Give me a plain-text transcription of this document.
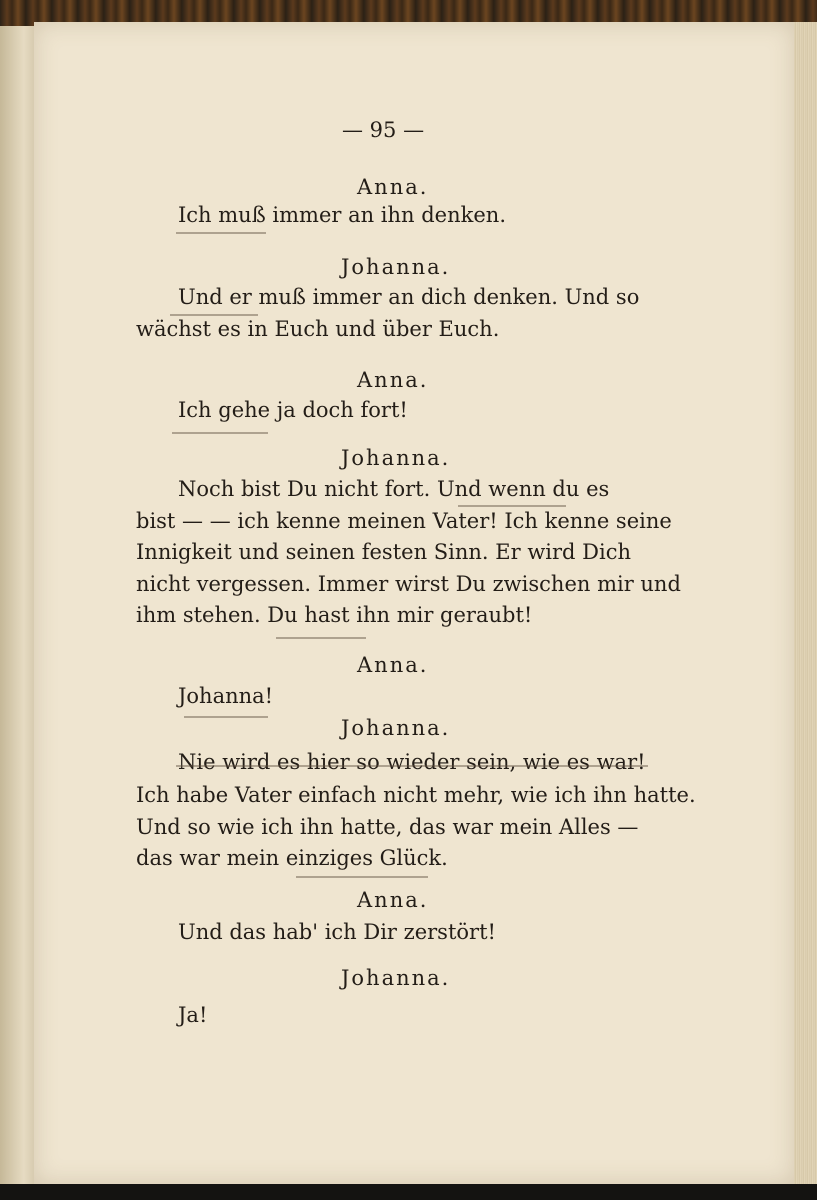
— 95 —
Anna.
Ich muß immer an ihn denken.
Johanna.
Und er muß immer an dich denken. Und so
wächst es in Euch und über Euch.
Anna.
Ich gehe ja doch fort!
Johanna.
Noch bist Du nicht fort. Und wenn du es
bist — — ich kenne meinen Vater! Ich kenne seine
Innigkeit und seinen festen Sinn. Er wird Dich
nicht vergessen. Immer wirst Du zwischen mir und
ihm stehen. Du hast ihn mir geraubt!
Anna.
Johanna!
Johanna.
Nie wird es hier so wieder sein, wie es war!
Ich habe Vater einfach nicht mehr, wie ich ihn hatte.
Und so wie ich ihn hatte, das war mein Alles —
das war mein einziges Glück.
Anna.
Und das hab' ich Dir zerstört!
Johanna.
Ja!
